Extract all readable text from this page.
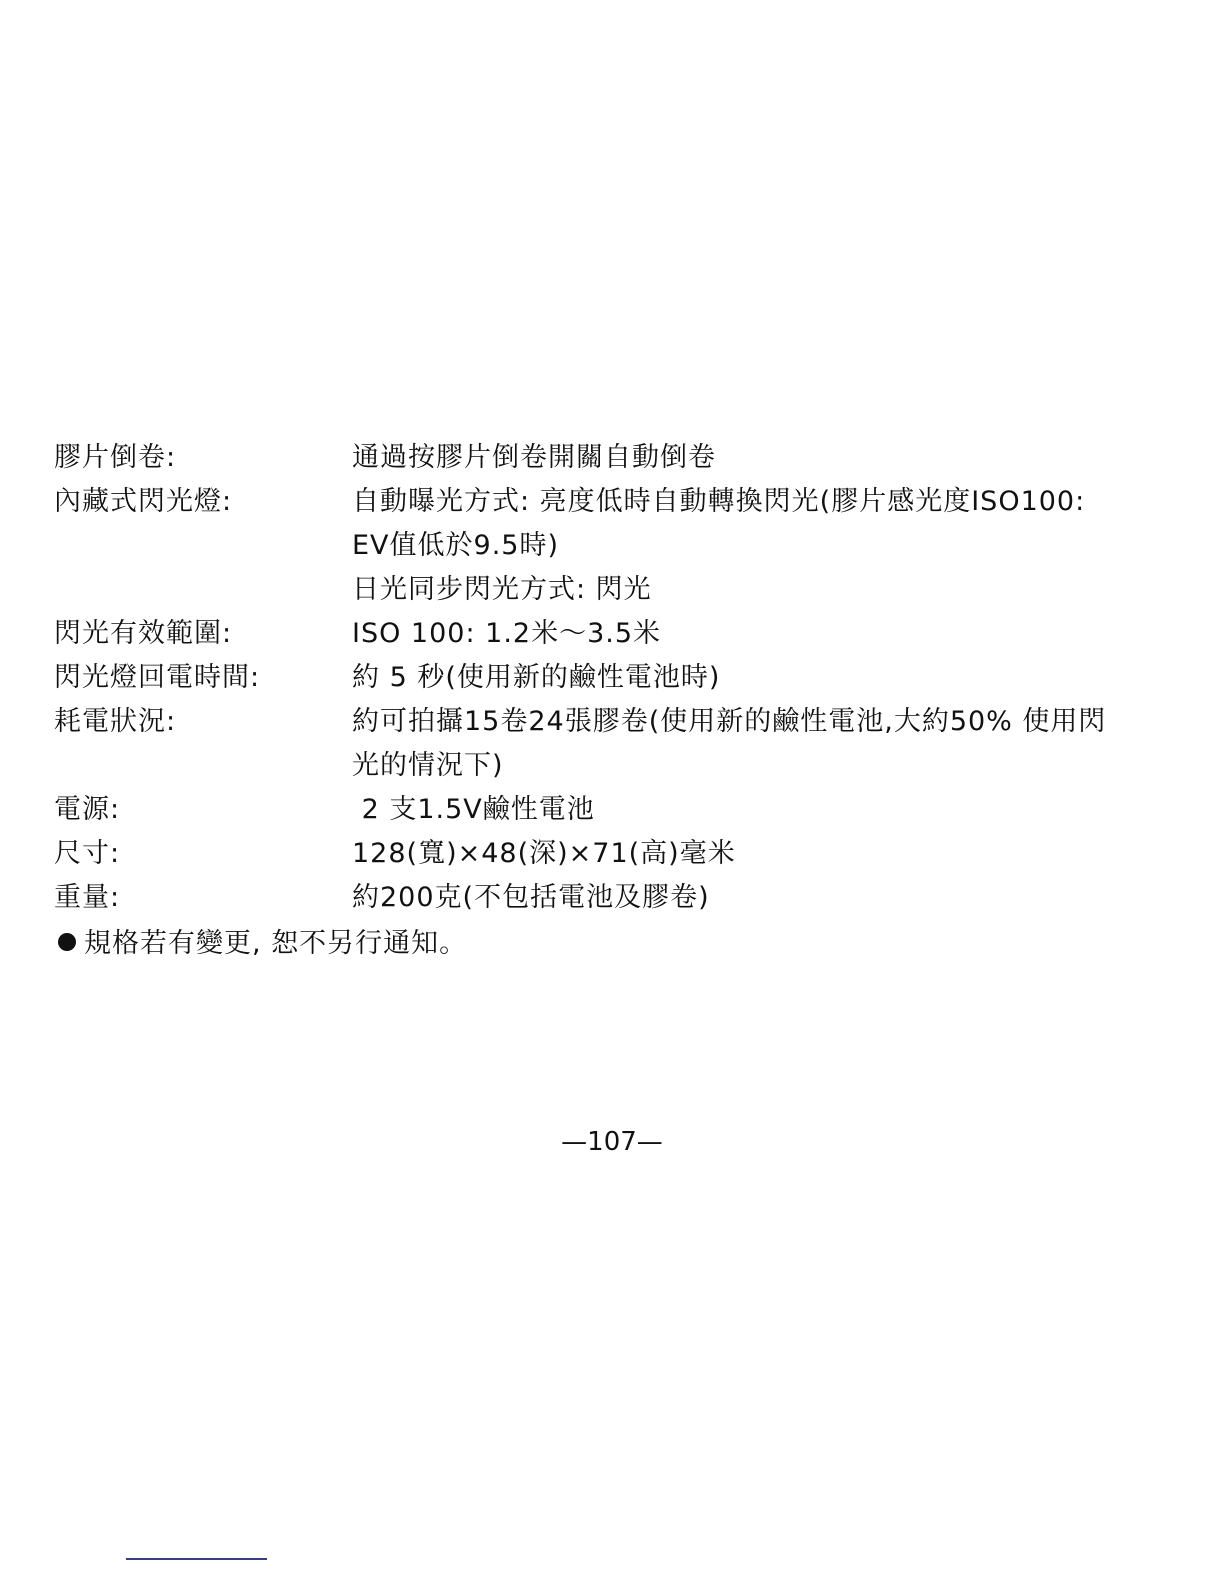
膠片倒卷:	通過按膠片倒卷開關自動倒卷
內藏式閃光燈:	自動曝光方式: 亮度低時自動轉換閃光(膠片感光度ISO100:
EV值低於9.5時)
日光同步閃光方式: 閃光
閃光有效範圍:	ISO 100: 1.2米～3.5米
閃光燈回電時間:	約 5 秒(使用新的鹼性電池時)
耗電狀況:	約可拍攝15卷24張膠卷(使用新的鹼性電池,大約50% 使用閃
光的情況下)
電源:	2 支1.5V鹼性電池
尺寸:	128(寬)×48(深)×71(高)毫米
重量:	約200克(不包括電池及膠卷)
規格若有變更, 恕不另行通知。
—107—
